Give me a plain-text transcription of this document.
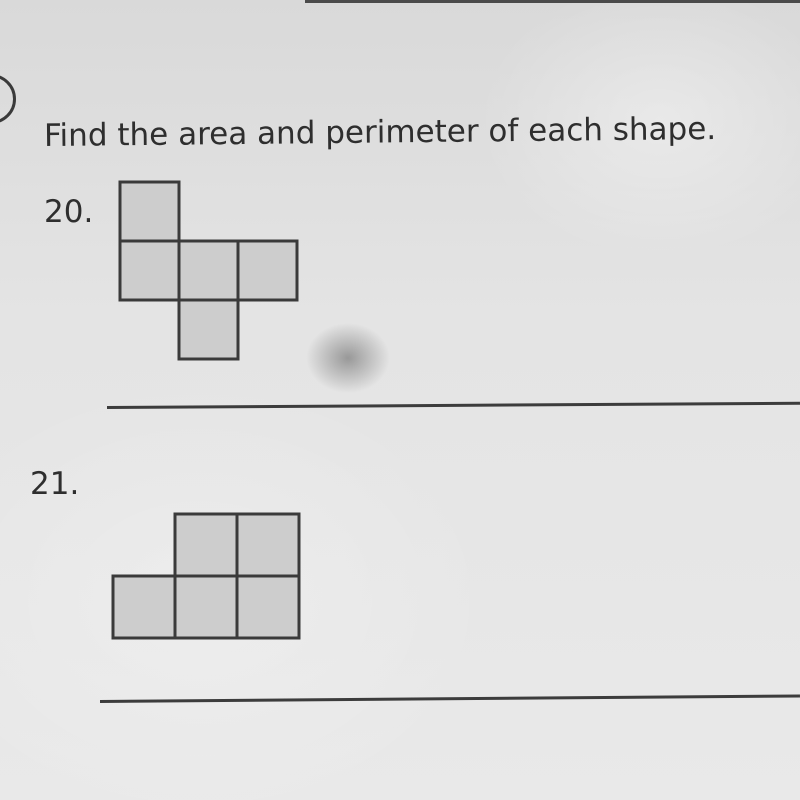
Find the area and perimeter of each shape.
20.
21.
